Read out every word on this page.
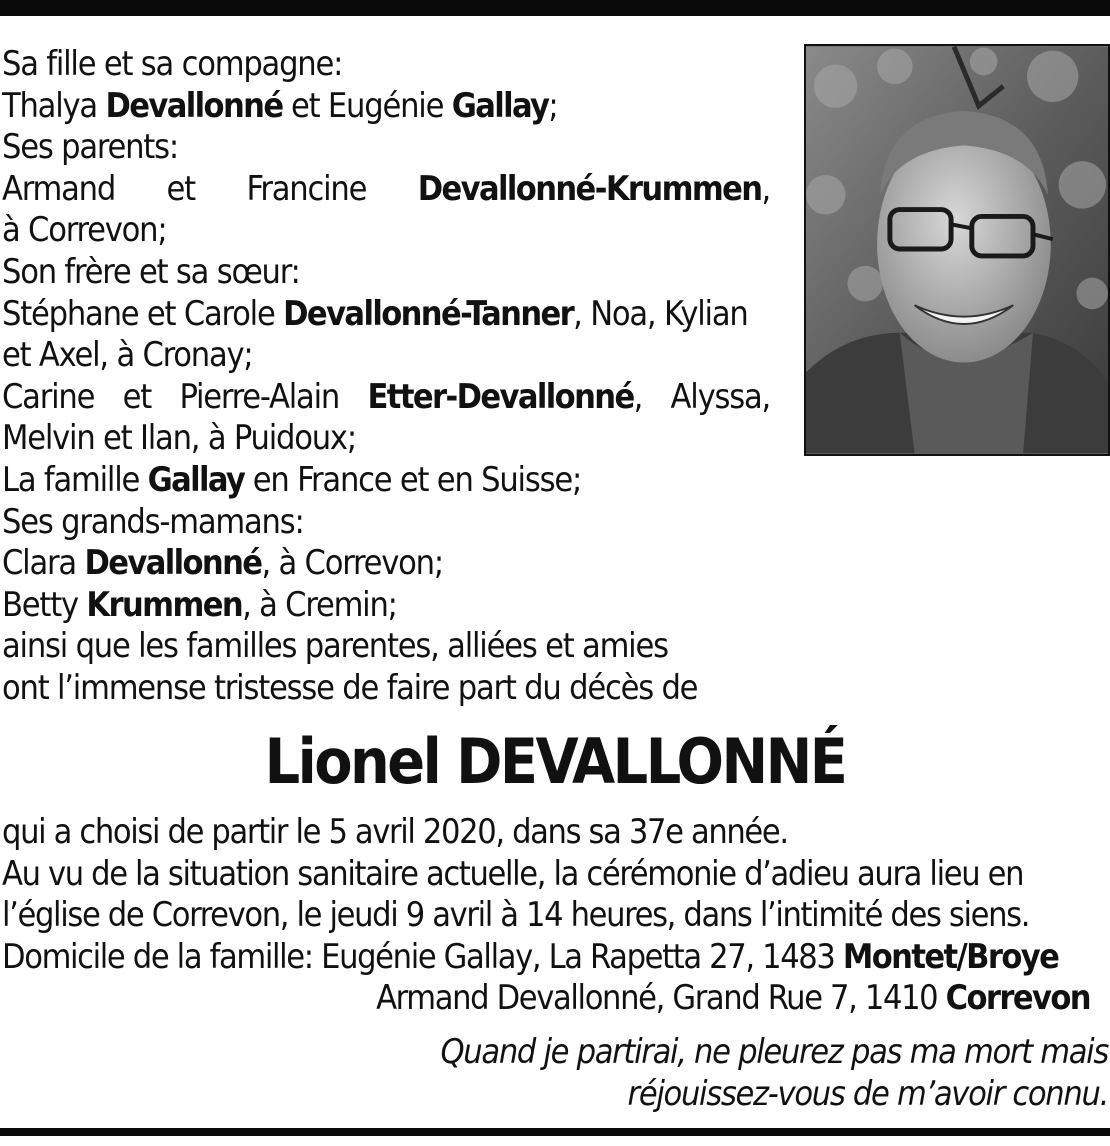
Sa fille et sa compagne:
Thalya Devallonné et Eugénie Gallay;
Ses parents:
Armand et Francine Devallonné-Krummen,
à Correvon;
Son frère et sa sœur:
Stéphane et Carole Devallonné-Tanner, Noa, Kylian
et Axel, à Cronay;
Carine et Pierre-Alain Etter-Devallonné, Alyssa,
Melvin et Ilan, à Puidoux;
La famille Gallay en France et en Suisse;
Ses grands-mamans:
Clara Devallonné, à Correvon;
Betty Krummen, à Cremin;
ainsi que les familles parentes, alliées et amies
ont l’immense tristesse de faire part du décès de
Lionel DEVALLONNÉ
qui a choisi de partir le 5 avril 2020, dans sa 37e année.
Au vu de la situation sanitaire actuelle, la cérémonie d’adieu aura lieu en
l’église de Correvon, le jeudi 9 avril à 14 heures, dans l’intimité des siens.
Domicile de la famille: Eugénie Gallay, La Rapetta 27, 1483 Montet/Broye
Armand Devallonné, Grand Rue 7, 1410 Correvon
Quand je partirai, ne pleurez pas ma mort mais
réjouissez-vous de m’avoir connu.
